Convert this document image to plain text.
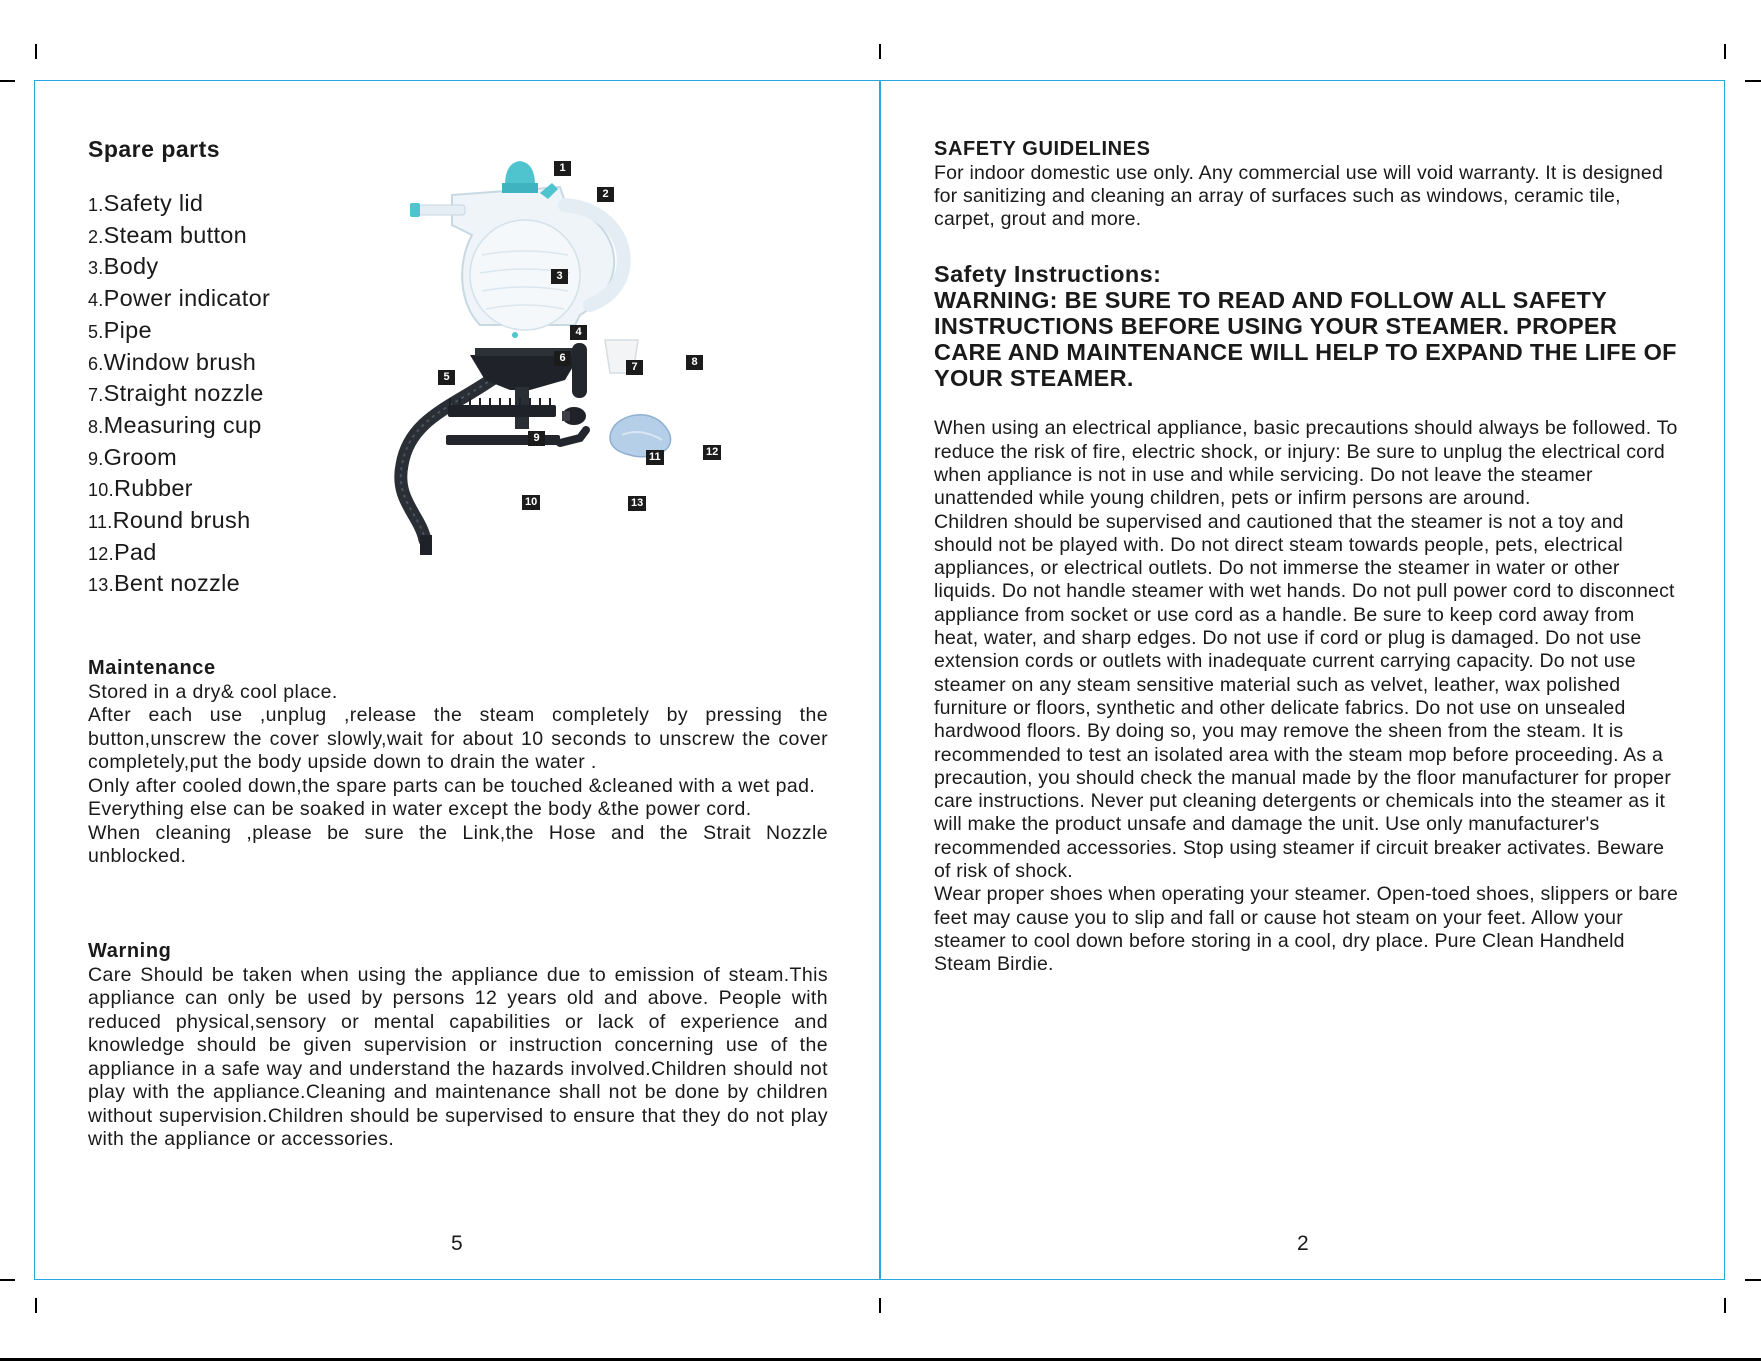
Spare parts
1.Safety lid
2.Steam button
3.Body
4.Power indicator
5.Pipe
6.Window brush
7.Straight nozzle
8.Measuring cup
9.Groom
10.Rubber
11.Round brush
12.Pad
13.Bent nozzle
1
2
3
4
5
6
7	8
9
10
11	12
13
Maintenance

Stored in a dry& cool place.

After each use ,unplug ,release the steam completely by pressing the button,unscrew the cover slowly,wait for about 10 seconds to unscrew the cover completely,put the body upside down to drain the water .

Only after cooled down,the spare parts can be touched &cleaned with a wet pad.

Everything else can be soaked in water except the body &the power cord.

When cleaning ,please be sure the Link,the Hose and the Strait Nozzle unblocked.

Warning

Care Should be taken when using the appliance due to emission of steam.This appliance can only be used by persons 12 years old and above. People with reduced physical,sensory or mental capabilities or lack of experience and knowledge should be given supervision or instruction concerning use of the appliance in a safe way and understand the hazards involved.Children should not play with the appliance.Cleaning and maintenance shall not be done by children without supervision.Children should be supervised to ensure that they do not play with the appliance or accessories.

5
SAFETY GUIDELINES

For indoor domestic use only. Any commercial use will void warranty. It is designed for sanitizing and cleaning an array of surfaces such as windows, ceramic tile, carpet, grout and more.

Safety Instructions:

WARNING: BE SURE TO READ AND FOLLOW ALL SAFETY INSTRUCTIONS BEFORE USING YOUR STEAMER. PROPER CARE AND MAINTENANCE WILL HELP TO EXPAND THE LIFE OF YOUR STEAMER.

When using an electrical appliance, basic precautions should always be followed. To reduce the risk of fire, electric shock, or injury: Be sure to unplug the electrical cord when appliance is not in use and while servicing. Do not leave the steamer unattended while young children, pets or infirm persons are around.

Children should be supervised and cautioned that the steamer is not a toy and should not be played with. Do not direct steam towards people, pets, electrical appliances, or electrical outlets. Do not immerse the steamer in water or other liquids. Do not handle steamer with wet hands. Do not pull power cord to disconnect appliance from socket or use cord as a handle. Be sure to keep cord away from heat, water, and sharp edges. Do not use if cord or plug is damaged. Do not use extension cords or outlets with inadequate current carrying capacity. Do not use steamer on any steam sensitive material such as velvet, leather, wax polished furniture or floors, synthetic and other delicate fabrics. Do not use on unsealed hardwood floors. By doing so, you may remove the sheen from the steam. It is recommended to test an isolated area with the steam mop before proceeding. As a precaution, you should check the manual made by the floor manufacturer for proper care instructions. Never put cleaning detergents or chemicals into the steamer as it will make the product unsafe and damage the unit. Use only manufacturer's recommended accessories. Stop using steamer if circuit breaker activates. Beware of risk of shock.

Wear proper shoes when operating your steamer. Open-toed shoes, slippers or bare feet may cause you to slip and fall or cause hot steam on your feet. Allow your steamer to cool down before storing in a cool, dry place. Pure Clean Handheld Steam Birdie.

2
